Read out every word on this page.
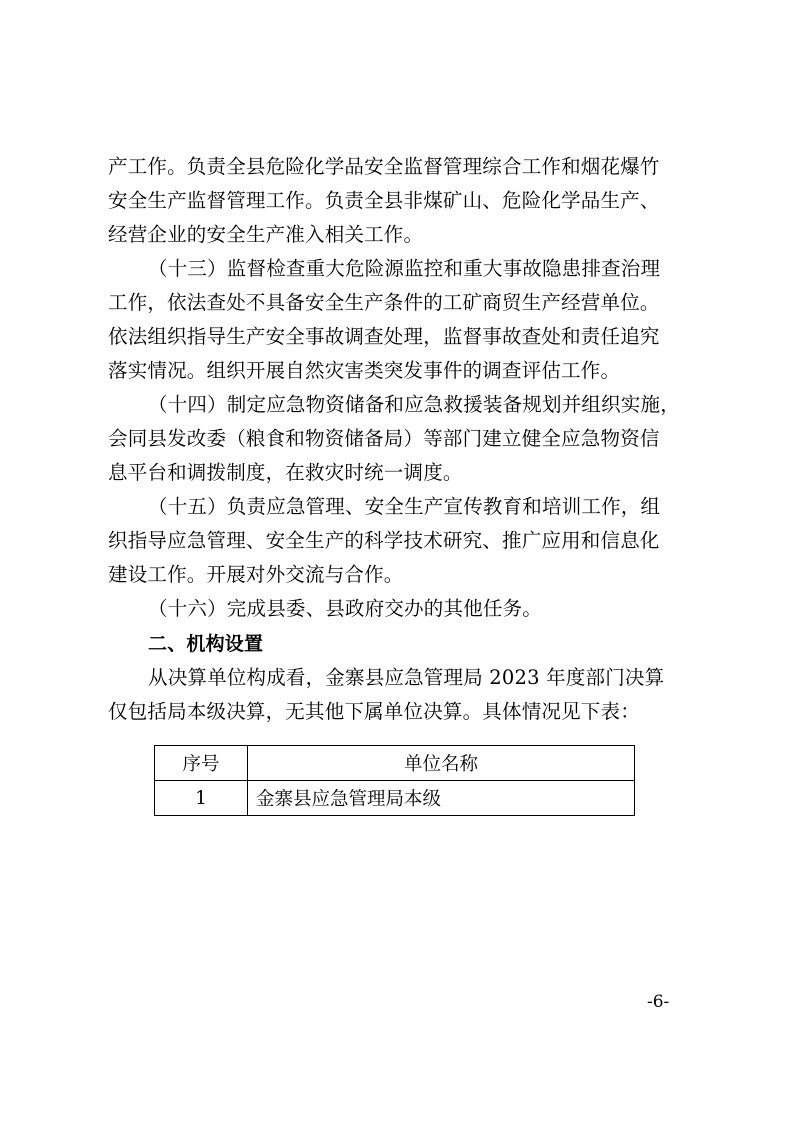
产工作。负责全县危险化学品安全监督管理综合工作和烟花爆竹
安全生产监督管理工作。负责全县非煤矿山、危险化学品生产、
经营企业的安全生产准入相关工作。
（十三）监督检查重大危险源监控和重大事故隐患排查治理
工作，依法查处不具备安全生产条件的工矿商贸生产经营单位。
依法组织指导生产安全事故调查处理，监督事故查处和责任追究
落实情况。组织开展自然灾害类突发事件的调查评估工作。
（十四）制定应急物资储备和应急救援装备规划并组织实施，
会同县发改委（粮食和物资储备局）等部门建立健全应急物资信
息平台和调拨制度，在救灾时统一调度。
（十五）负责应急管理、安全生产宣传教育和培训工作，组
织指导应急管理、安全生产的科学技术研究、推广应用和信息化
建设工作。开展对外交流与合作。
（十六）完成县委、县政府交办的其他任务。
二、机构设置
从决算单位构成看，金寨县应急管理局 2023 年度部门决算
仅包括局本级决算，无其他下属单位决算。具体情况见下表：
序号	单位名称
1	金寨县应急管理局本级
-6-
